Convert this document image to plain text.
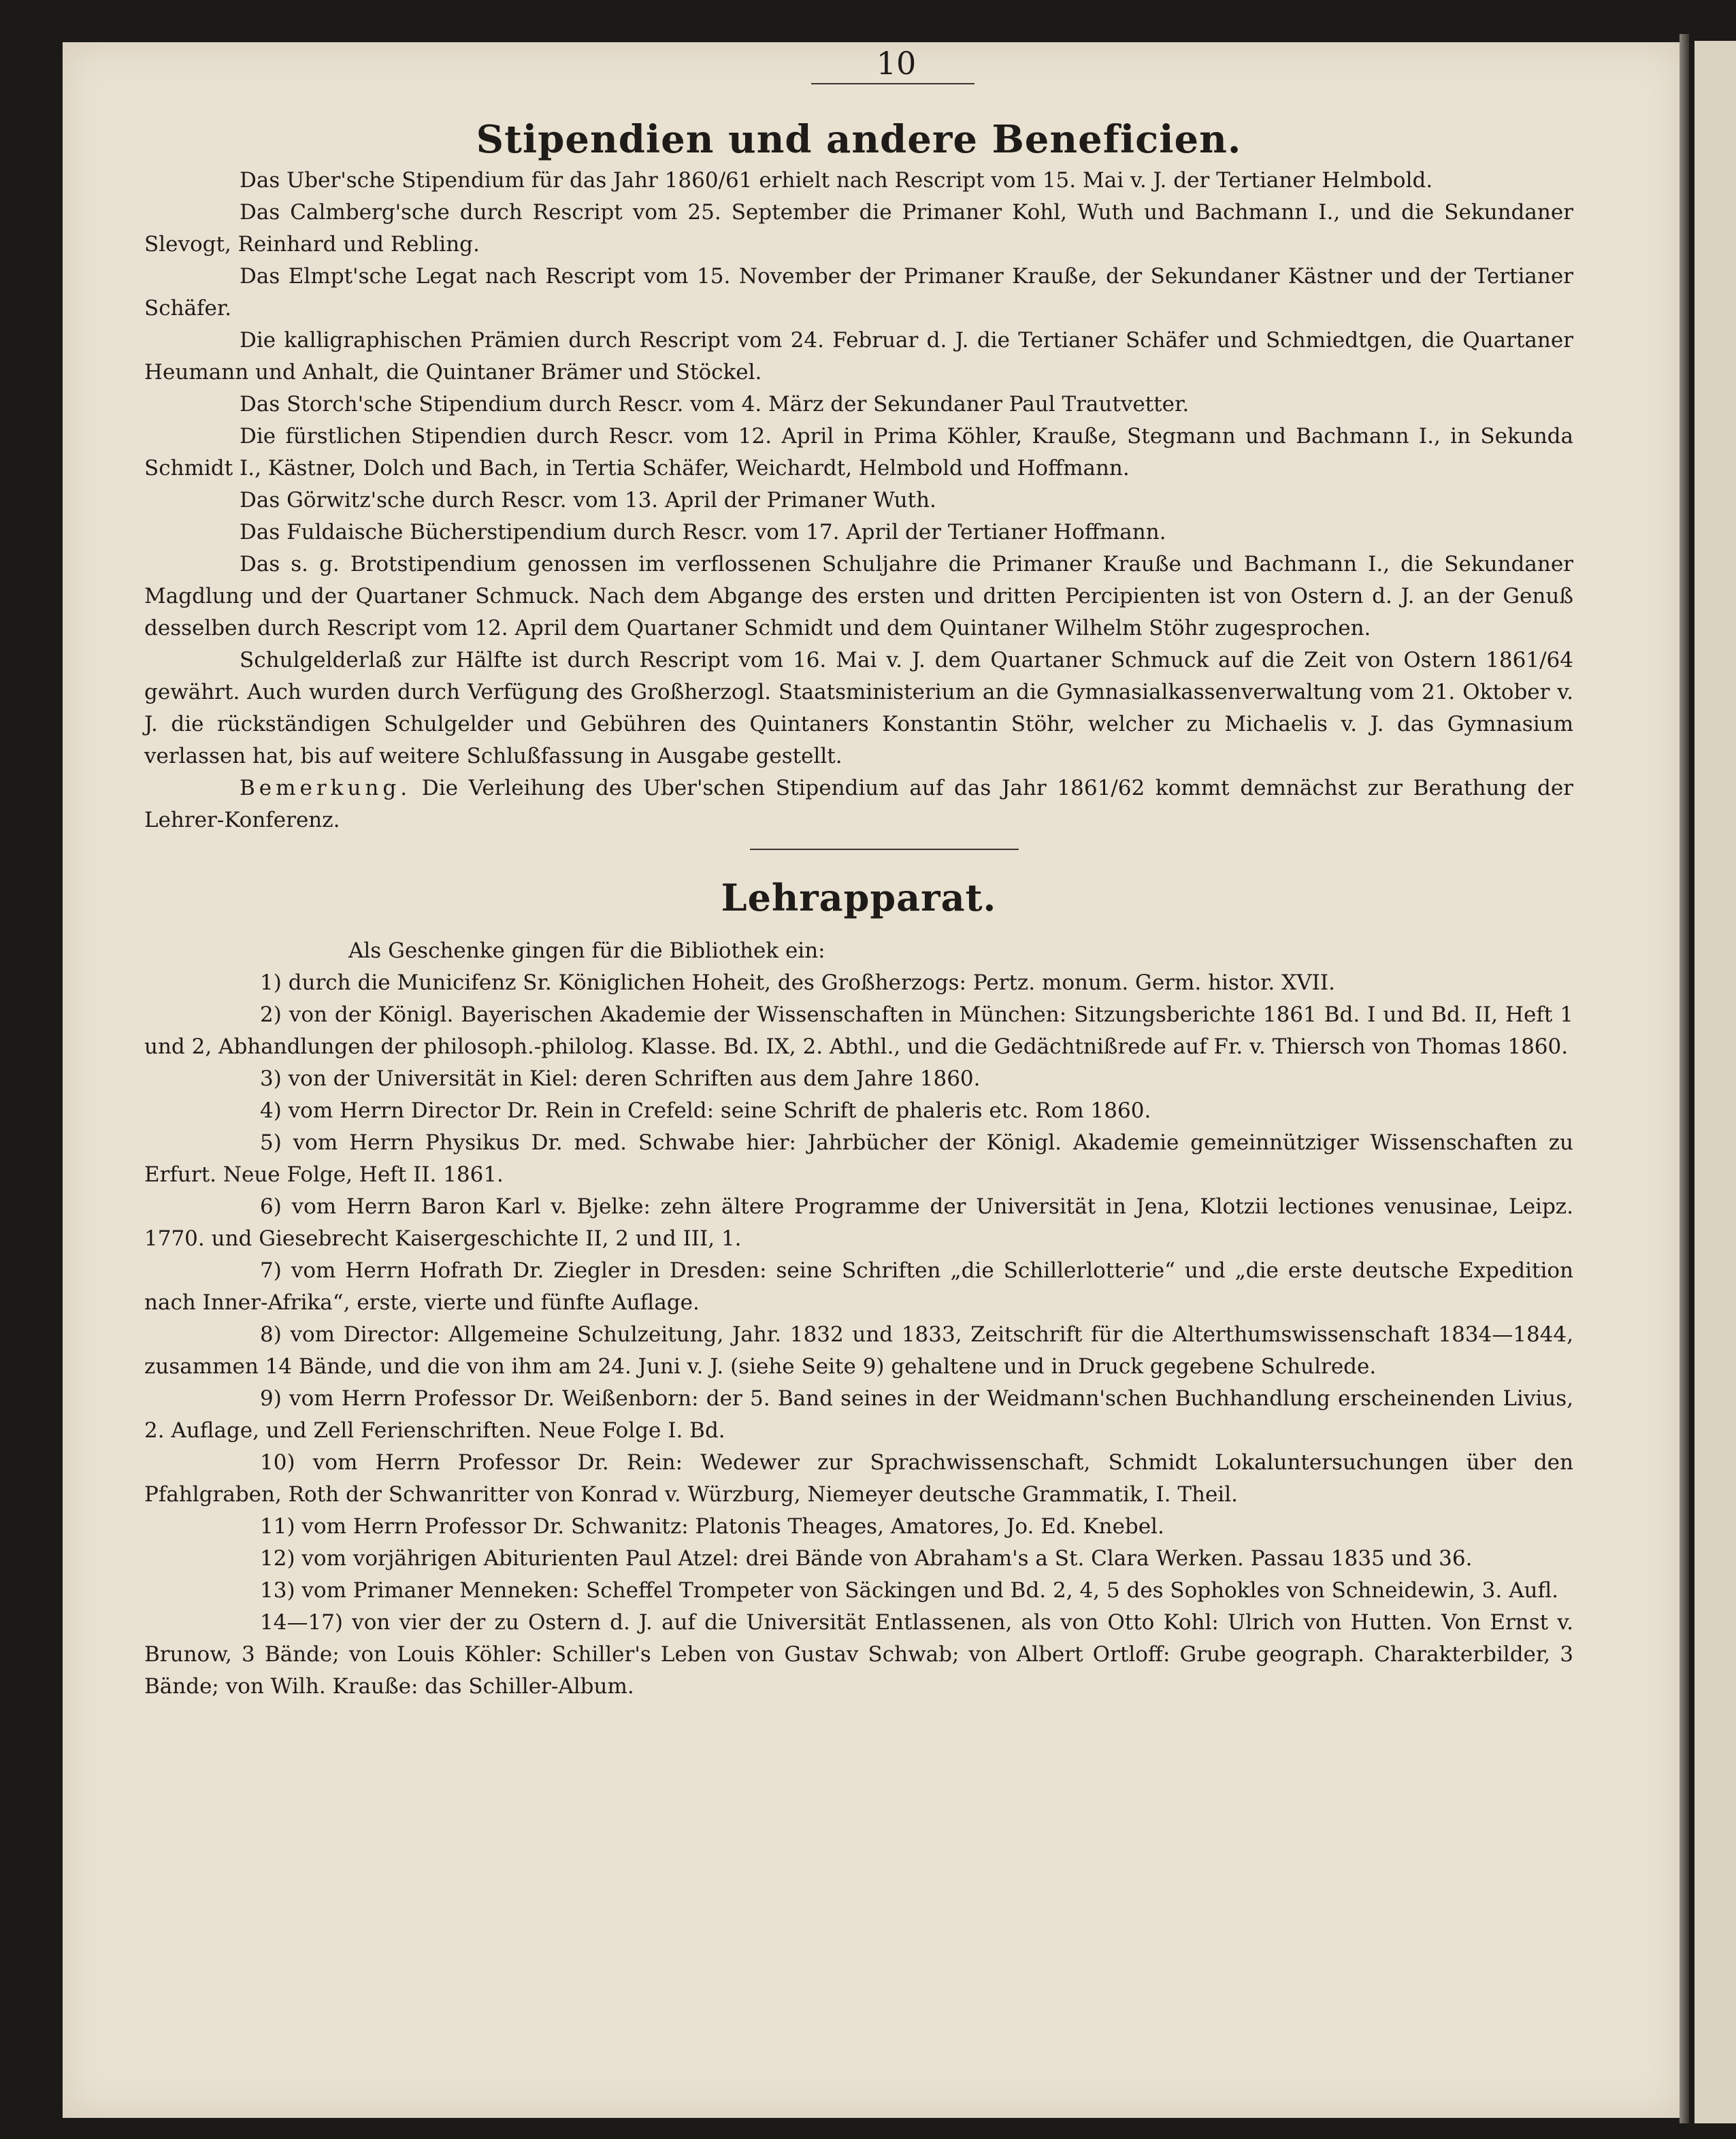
10
Stipendien und andere Beneficien.

Das Uber'sche Stipendium für das Jahr 1860/61 erhielt nach Rescript vom 15. Mai v. J. der Tertianer Helmbold.

Das Calmberg'sche durch Rescript vom 25. September die Primaner Kohl, Wuth und Bachmann I., und die Sekundaner Slevogt, Reinhard und Rebling.

Das Elmpt'sche Legat nach Rescript vom 15. November der Primaner Krauße, der Sekundaner Kästner und der Tertianer Schäfer.

Die kalligraphischen Prämien durch Rescript vom 24. Februar d. J. die Tertianer Schäfer und Schmiedtgen, die Quartaner Heumann und Anhalt, die Quintaner Brämer und Stöckel.

Das Storch'sche Stipendium durch Rescr. vom 4. März der Sekundaner Paul Trautvetter.

Die fürstlichen Stipendien durch Rescr. vom 12. April in Prima Köhler, Krauße, Stegmann und Bachmann I., in Sekunda Schmidt I., Kästner, Dolch und Bach, in Tertia Schäfer, Weichardt, Helmbold und Hoffmann.

Das Görwitz'sche durch Rescr. vom 13. April der Primaner Wuth.

Das Fuldaische Bücherstipendium durch Rescr. vom 17. April der Tertianer Hoffmann.

Das s. g. Brotstipendium genossen im verflossenen Schuljahre die Primaner Krauße und Bachmann I., die Sekundaner Magdlung und der Quartaner Schmuck. Nach dem Abgange des ersten und dritten Percipienten ist von Ostern d. J. an der Genuß desselben durch Rescript vom 12. April dem Quartaner Schmidt und dem Quintaner Wilhelm Stöhr zugesprochen.

Schulgelderlaß zur Hälfte ist durch Rescript vom 16. Mai v. J. dem Quartaner Schmuck auf die Zeit von Ostern 1861/64 gewährt. Auch wurden durch Verfügung des Großherzogl. Staatsministerium an die Gymnasialkassenverwaltung vom 21. Oktober v. J. die rückständigen Schulgelder und Gebühren des Quintaners Konstantin Stöhr, welcher zu Michaelis v. J. das Gymnasium verlassen hat, bis auf weitere Schlußfassung in Ausgabe gestellt.

Bemerkung. Die Verleihung des Uber'schen Stipendium auf das Jahr 1861/62 kommt demnächst zur Berathung der Lehrer-Konferenz.

Lehrapparat.

Als Geschenke gingen für die Bibliothek ein:

1) durch die Municifenz Sr. Königlichen Hoheit, des Großherzogs: Pertz. monum. Germ. histor. XVII.

2) von der Königl. Bayerischen Akademie der Wissenschaften in München: Sitzungsberichte 1861 Bd. I und Bd. II, Heft 1 und 2, Abhandlungen der philosoph.-philolog. Klasse. Bd. IX, 2. Abthl., und die Gedächtnißrede auf Fr. v. Thiersch von Thomas 1860.

3) von der Universität in Kiel: deren Schriften aus dem Jahre 1860.

4) vom Herrn Director Dr. Rein in Crefeld: seine Schrift de phaleris etc. Rom 1860.

5) vom Herrn Physikus Dr. med. Schwabe hier: Jahrbücher der Königl. Akademie gemeinnütziger Wissenschaften zu Erfurt. Neue Folge, Heft II. 1861.

6) vom Herrn Baron Karl v. Bjelke: zehn ältere Programme der Universität in Jena, Klotzii lectiones venusinae, Leipz. 1770. und Giesebrecht Kaisergeschichte II, 2 und III, 1.

7) vom Herrn Hofrath Dr. Ziegler in Dresden: seine Schriften „die Schillerlotterie“ und „die erste deutsche Expedition nach Inner-Afrika“, erste, vierte und fünfte Auflage.

8) vom Director: Allgemeine Schulzeitung, Jahr. 1832 und 1833, Zeitschrift für die Alterthumswissenschaft 1834—1844, zusammen 14 Bände, und die von ihm am 24. Juni v. J. (siehe Seite 9) gehaltene und in Druck gegebene Schulrede.

9) vom Herrn Professor Dr. Weißenborn: der 5. Band seines in der Weidmann'schen Buchhandlung erscheinenden Livius, 2. Auflage, und Zell Ferienschriften. Neue Folge I. Bd.

10) vom Herrn Professor Dr. Rein: Wedewer zur Sprachwissenschaft, Schmidt Lokaluntersuchungen über den Pfahlgraben, Roth der Schwanritter von Konrad v. Würzburg, Niemeyer deutsche Grammatik, I. Theil.

11) vom Herrn Professor Dr. Schwanitz: Platonis Theages, Amatores, Jo. Ed. Knebel.

12) vom vorjährigen Abiturienten Paul Atzel: drei Bände von Abraham's a St. Clara Werken. Passau 1835 und 36.

13) vom Primaner Menneken: Scheffel Trompeter von Säckingen und Bd. 2, 4, 5 des Sophokles von Schneidewin, 3. Aufl.

14—17) von vier der zu Ostern d. J. auf die Universität Entlassenen, als von Otto Kohl: Ulrich von Hutten. Von Ernst v. Brunow, 3 Bände; von Louis Köhler: Schiller's Leben von Gustav Schwab; von Albert Ortloff: Grube geograph. Charakterbilder, 3 Bände; von Wilh. Krauße: das Schiller-Album.
